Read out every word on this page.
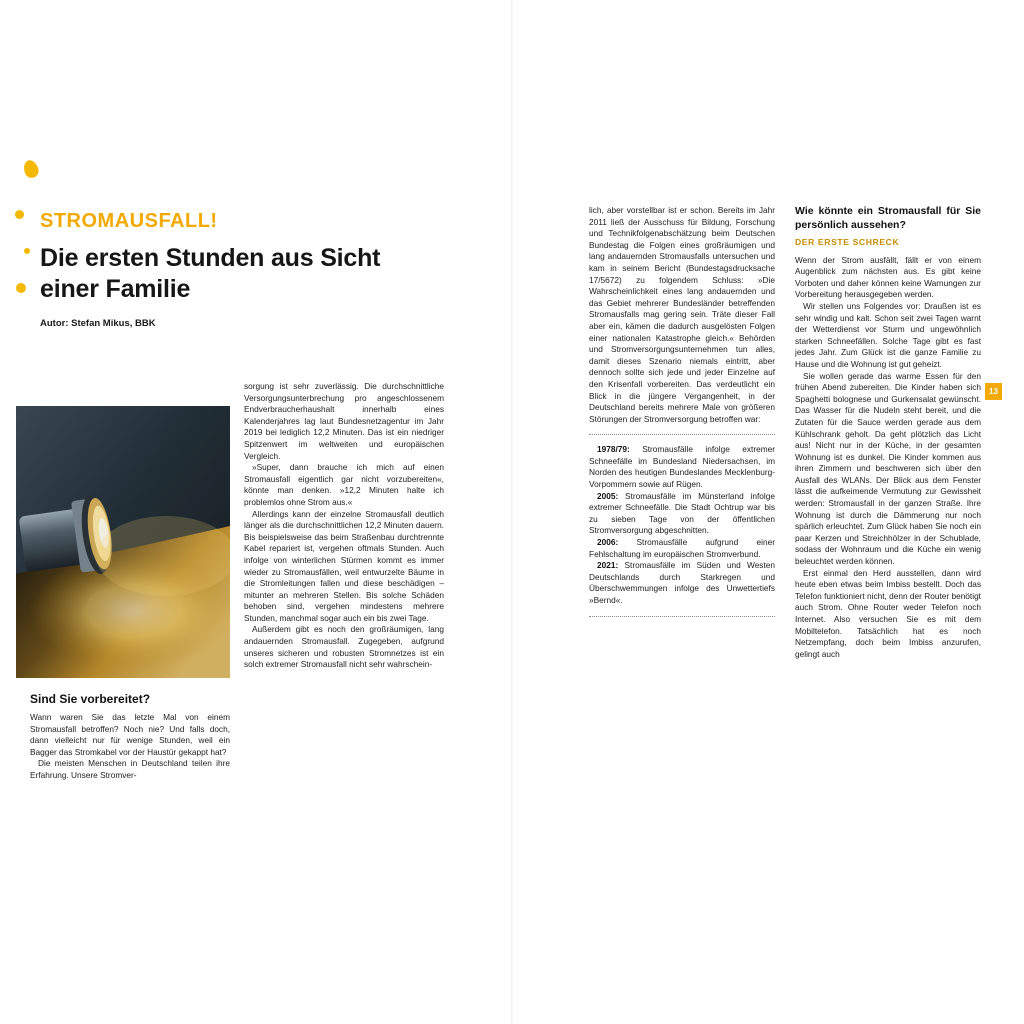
STROMAUSFALL!
Die ersten Stunden aus Sicht einer Familie
Autor: Stefan Mikus, BBK
Sind Sie vorbereitet?

Wann waren Sie das letzte Mal von einem Stromausfall betroffen? Noch nie? Und falls doch, dann vielleicht nur für wenige Stunden, weil ein Bagger das Stromkabel vor der Haustür gekappt hat?

Die meisten Menschen in Deutschland teilen ihre Erfahrung. Unsere Stromver-

sorgung ist sehr zuverlässig. Die durchschnittliche Versorgungsunterbrechung pro angeschlossenem Endverbraucherhaushalt innerhalb eines Kalenderjahres lag laut Bundesnetzagentur im Jahr 2019 bei lediglich 12,2 Minuten. Das ist ein niedriger Spitzenwert im weltweiten und europäischen Vergleich.

»Super, dann brauche ich mich auf einen Stromausfall eigentlich gar nicht vorzubereiten«, könnte man denken. »12,2 Minuten halte ich problemlos ohne Strom aus.«

Allerdings kann der einzelne Stromausfall deutlich länger als die durchschnittlichen 12,2 Minuten dauern. Bis beispielsweise das beim Straßenbau durchtrennte Kabel repariert ist, vergehen oftmals Stunden. Auch infolge von winterlichen Stürmen kommt es immer wieder zu Stromausfällen, weil entwurzelte Bäume in die Stromleitungen fallen und diese beschädigen – mitunter an mehreren Stellen. Bis solche Schäden behoben sind, vergehen mindestens mehrere Stunden, manchmal sogar auch ein bis zwei Tage.

Außerdem gibt es noch den großräumigen, lang andauernden Stromausfall. Zugegeben, aufgrund unseres sicheren und robusten Stromnetzes ist ein solch extremer Stromausfall nicht sehr wahrschein-

13

lich, aber vorstellbar ist er schon. Bereits im Jahr 2011 ließ der Ausschuss für Bildung, Forschung und Technikfolgenabschätzung beim Deutschen Bundestag die Folgen eines großräumigen und lang andauernden Stromausfalls untersuchen und kam in seinem Bericht (Bundestagsdrucksache 17/5672) zu folgendem Schluss: »Die Wahrscheinlichkeit eines lang andauernden und das Gebiet mehrerer Bundesländer betreffenden Stromausfalls mag gering sein. Träte dieser Fall aber ein, kämen die dadurch ausgelösten Folgen einer nationalen Katastrophe gleich.« Behörden und Stromversorgungsunternehmen tun alles, damit dieses Szenario niemals eintritt, aber dennoch sollte sich jede und jeder Einzelne auf den Krisenfall vorbereiten. Das verdeutlicht ein Blick in die jüngere Vergangenheit, in der Deutschland bereits mehrere Male von größeren Störungen der Stromversorgung betroffen war:

1978/79: Stromausfälle infolge extremer Schneefälle im Bundesland Niedersachsen, im Norden des heutigen Bundeslandes Mecklenburg-Vorpommern sowie auf Rügen.

2005: Stromausfälle im Münsterland infolge extremer Schneefälle. Die Stadt Ochtrup war bis zu sieben Tage von der öffentlichen Stromversorgung abgeschnitten.

2006: Stromausfälle aufgrund einer Fehlschaltung im europäischen Stromverbund.

2021: Stromausfälle im Süden und Westen Deutschlands durch Starkregen und Überschwemmungen infolge des Unwettertiefs »Bernd«.

Wie könnte ein Stromausfall für Sie persönlich aussehen?

DER ERSTE SCHRECK

Wenn der Strom ausfällt, fällt er von einem Augenblick zum nächsten aus. Es gibt keine Vorboten und daher können keine Warnungen zur Vorbereitung herausgegeben werden.

Wir stellen uns Folgendes vor: Draußen ist es sehr windig und kalt. Schon seit zwei Tagen warnt der Wetterdienst vor Sturm und ungewöhnlich starken Schneefällen. Solche Tage gibt es fast jedes Jahr. Zum Glück ist die ganze Familie zu Hause und die Wohnung ist gut geheizt.

Sie wollen gerade das warme Essen für den frühen Abend zubereiten. Die Kinder haben sich Spaghetti bolognese und Gurkensalat gewünscht. Das Wasser für die Nudeln steht bereit, und die Zutaten für die Sauce werden gerade aus dem Kühlschrank geholt. Da geht plötzlich das Licht aus! Nicht nur in der Küche, in der gesamten Wohnung ist es dunkel. Die Kinder kommen aus ihren Zimmern und beschweren sich über den Ausfall des WLANs. Der Blick aus dem Fenster lässt die aufkeimende Vermutung zur Gewissheit werden: Stromausfall in der ganzen Straße. Ihre Wohnung ist durch die Dämmerung nur noch spärlich erleuchtet. Zum Glück haben Sie noch ein paar Kerzen und Streichhölzer in der Schublade, sodass der Wohnraum und die Küche ein wenig beleuchtet werden können.

Erst einmal den Herd ausstellen, dann wird heute eben etwas beim Imbiss bestellt. Doch das Telefon funktioniert nicht, denn der Router benötigt auch Strom. Ohne Router weder Telefon noch Internet. Also versuchen Sie es mit dem Mobiltelefon. Tatsächlich hat es noch Netzempfang, doch beim Imbiss anzurufen, gelingt auch
